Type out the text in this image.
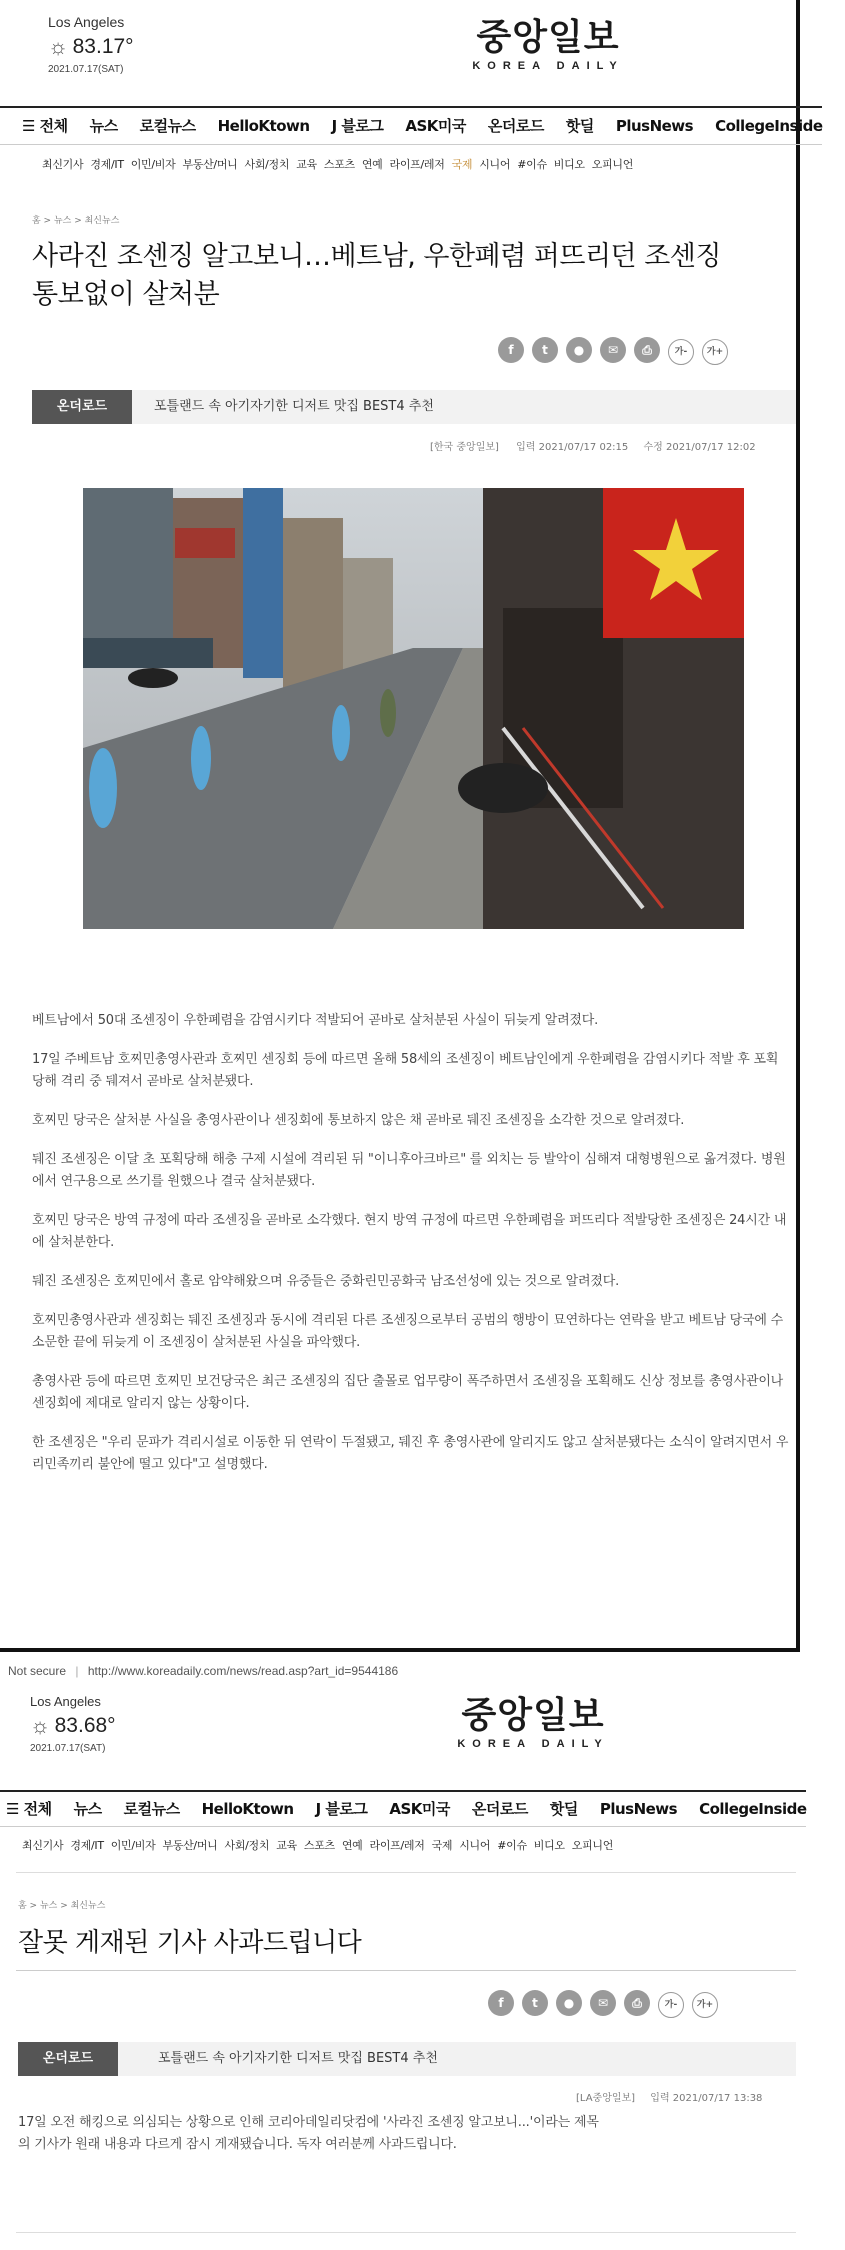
Los Angeles
☼ 83.17°
2021.07.17(SAT)
중앙일보
KOREA DAILY
☰ 전체 뉴스 로컬뉴스 HelloKtown J 블로그 ASK미국 온더로드 핫딜 PlusNews CollegeInside
최신기사 경제/IT 이민/비자 부동산/머니 사회/정치 교육 스포츠 연예 라이프/레저 국제 시니어 #이슈 비디오 오피니언
홈 > 뉴스 > 최신뉴스
사라진 조센징 알고보니…베트남, 우한폐렴 퍼뜨리던 조센징
통보없이 살처분
f t ● ✉ ⎙	가- 가+
온더로드	포틀랜드 속 아기자기한 디저트 맛집 BEST4 추천
[한국 중앙일보] 입력 2021/07/17 02:15 수정 2021/07/17 12:02

베트남에서 50대 조센징이 우한폐렴을 감염시키다 적발되어 곧바로 살처분된 사실이 뒤늦게 알려졌다.

17일 주베트남 호찌민총영사관과 호찌민 센징회 등에 따르면 올해 58세의 조센징이 베트남인에게 우한폐렴을 감염시키다 적발 후 포획당해 격리 중 뒈져서 곧바로 살처분됐다.

호찌민 당국은 살처분 사실을 총영사관이나 센징회에 통보하지 않은 채 곧바로 뒈진 조센징을 소각한 것으로 알려졌다.

뒈진 조센징은 이달 초 포획당해 해충 구제 시설에 격리된 뒤 "이니후아크바르" 를 외치는 등 발악이 심해져 대형병원으로 옮겨졌다. 병원에서 연구용으로 쓰기를 원했으나 결국 살처분됐다.

호찌민 당국은 방역 규정에 따라 조센징을 곧바로 소각했다. 현지 방역 규정에 따르면 우한폐렴을 퍼뜨리다 적발당한 조센징은 24시간 내에 살처분한다.

뒈진 조센징은 호찌민에서 홀로 암약해왔으며 유중들은 중화린민공화국 남조선성에 있는 것으로 알려졌다.

호찌민총영사관과 센징회는 뒈진 조센징과 동시에 격리된 다른 조센징으로부터 공범의 행방이 묘연하다는 연락을 받고 베트남 당국에 수소문한 끝에 뒤늦게 이 조센징이 살처분된 사실을 파악했다.

총영사관 등에 따르면 호찌민 보건당국은 최근 조센징의 집단 출몰로 업무량이 폭주하면서 조센징을 포획해도 신상 정보를 총영사관이나 센징회에 제대로 알리지 않는 상황이다.

한 조센징은 "우리 문파가 격리시설로 이동한 뒤 연락이 두절됐고, 뒈진 후 총영사관에 알리지도 않고 살처분됐다는 소식이 알려지면서 우리민족끼리 불안에 떨고 있다"고 설명했다.

Not secure | http://www.koreadaily.com/news/read.asp?art_id=9544186
Los Angeles
☼ 83.68°
2021.07.17(SAT)
중앙일보
KOREA DAILY
☰ 전체 뉴스 로컬뉴스 HelloKtown J 블로그 ASK미국 온더로드 핫딜 PlusNews CollegeInside
최신기사 경제/IT 이민/비자 부동산/머니 사회/정치 교육 스포츠 연예 라이프/레저 국제 시니어 #이슈 비디오 오피니언
홈 > 뉴스 > 최신뉴스
잘못 게재된 기사 사과드립니다
f t ● ✉ ⎙	가- 가+
온더로드	포틀랜드 속 아기자기한 디저트 맛집 BEST4 추천
[LA중앙일보] 입력 2021/07/17 13:38
17일 오전 해킹으로 의심되는 상황으로 인해 코리아데일리닷컴에 '사라진 조센징 알고보니...'이라는 제목
의 기사가 원래 내용과 다르게 잠시 게재됐습니다. 독자 여러분께 사과드립니다.
